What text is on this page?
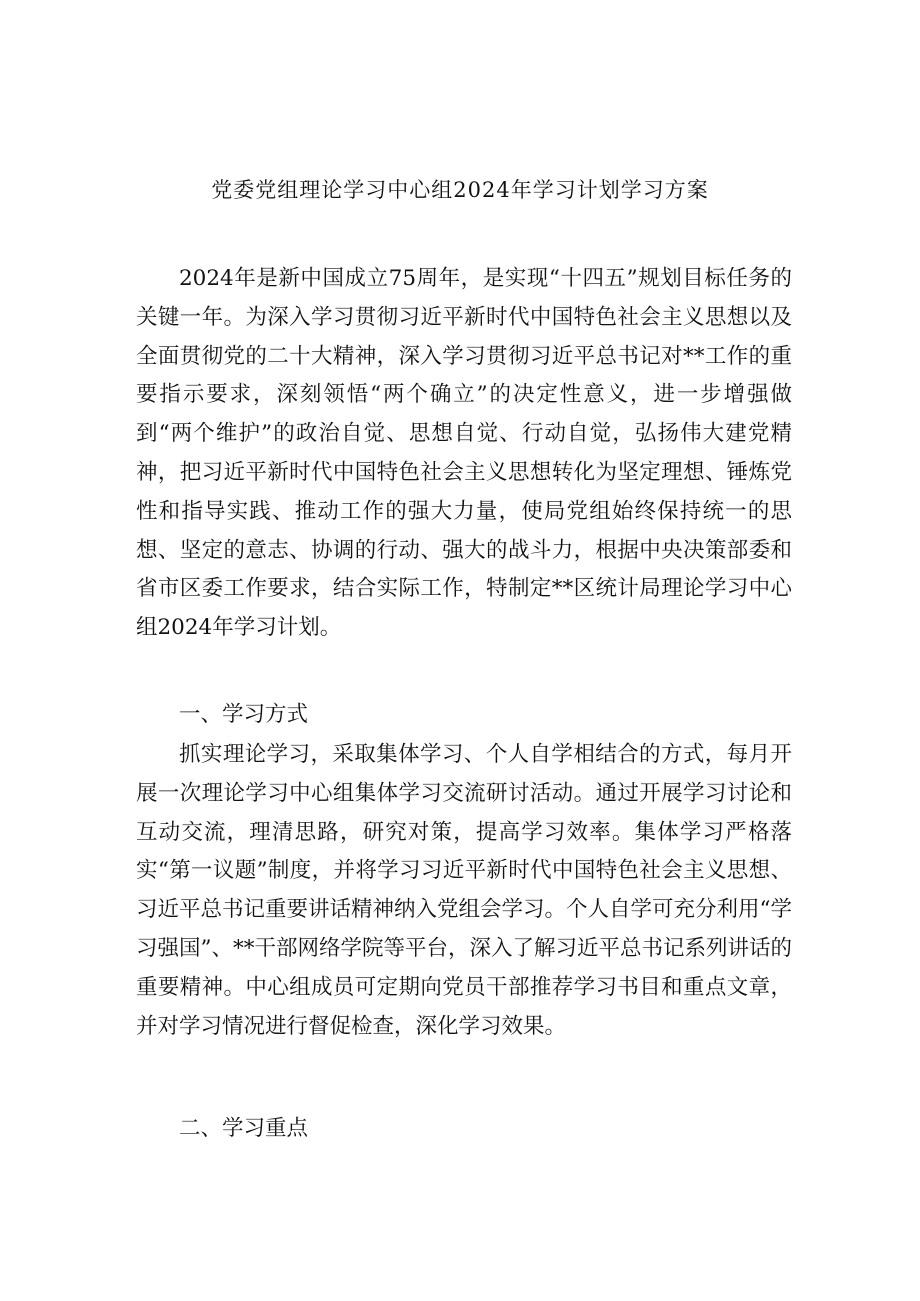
党委党组理论学习中心组2024年学习计划学习方案

2024年是新中国成立75周年，是实现“十四五”规划目标任务的关键一年。为深入学习贯彻习近平新时代中国特色社会主义思想以及全面贯彻党的二十大精神，深入学习贯彻习近平总书记对**工作的重要指示要求，深刻领悟“两个确立”的决定性意义，进一步增强做到“两个维护”的政治自觉、思想自觉、行动自觉，弘扬伟大建党精神，把习近平新时代中国特色社会主义思想转化为坚定理想、锤炼党性和指导实践、推动工作的强大力量，使局党组始终保持统一的思想、坚定的意志、协调的行动、强大的战斗力，根据中央决策部委和省市区委工作要求，结合实际工作，特制定**区统计局理论学习中心组2024年学习计划。

一、学习方式

抓实理论学习，采取集体学习、个人自学相结合的方式，每月开展一次理论学习中心组集体学习交流研讨活动。通过开展学习讨论和互动交流，理清思路，研究对策，提高学习效率。集体学习严格落实“第一议题”制度，并将学习习近平新时代中国特色社会主义思想、习近平总书记重要讲话精神纳入党组会学习。个人自学可充分利用“学习强国”、**干部网络学院等平台，深入了解习近平总书记系列讲话的重要精神。中心组成员可定期向党员干部推荐学习书目和重点文章，并对学习情况进行督促检查，深化学习效果。

二、学习重点
